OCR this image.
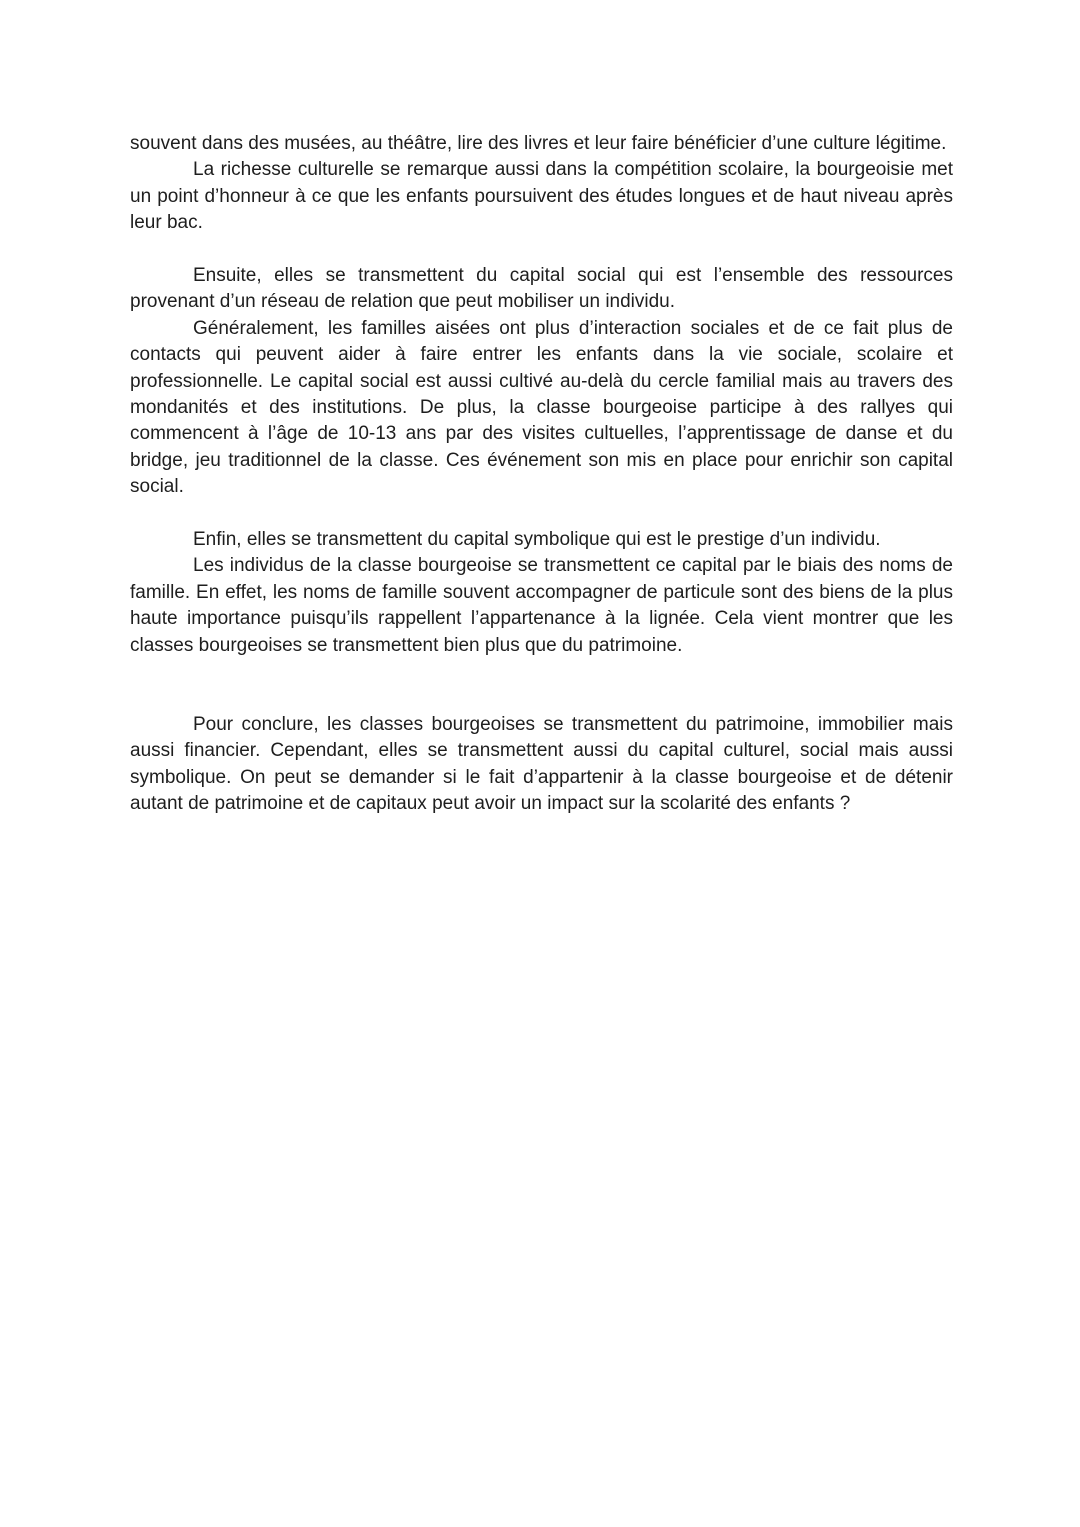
souvent dans des musées, au théâtre, lire des livres et leur faire bénéficier d’une culture légitime.

La richesse culturelle se remarque aussi dans la compétition scolaire, la bourgeoisie met un point d’honneur à ce que les enfants poursuivent des études longues et de haut niveau après leur bac.

Ensuite, elles se transmettent du capital social qui est l’ensemble des ressources provenant d’un réseau de relation que peut mobiliser un individu.

Généralement, les familles aisées ont plus d’interaction sociales et de ce fait plus de contacts qui peuvent aider à faire entrer les enfants dans la vie sociale, scolaire et professionnelle. Le capital social est aussi cultivé au-delà du cercle familial mais au travers des mondanités et des institutions. De plus, la classe bourgeoise participe à des rallyes qui commencent à l’âge de 10-13 ans par des visites cultuelles, l’apprentissage de danse et du bridge, jeu traditionnel de la classe. Ces événement son mis en place pour enrichir son capital social.

Enfin, elles se transmettent du capital symbolique qui est le prestige d’un individu.

Les individus de la classe bourgeoise se transmettent ce capital par le biais des noms de famille. En effet, les noms de famille souvent accompagner de particule sont des biens de la plus haute importance puisqu’ils rappellent l’appartenance à la lignée. Cela vient montrer que les classes bourgeoises se transmettent bien plus que du patrimoine.

Pour conclure, les classes bourgeoises se transmettent du patrimoine, immobilier mais aussi financier. Cependant, elles se transmettent aussi du capital culturel, social mais aussi symbolique. On peut se demander si le fait d’appartenir à la classe bourgeoise et de détenir autant de patrimoine et de capitaux peut avoir un impact sur la scolarité des enfants ?
